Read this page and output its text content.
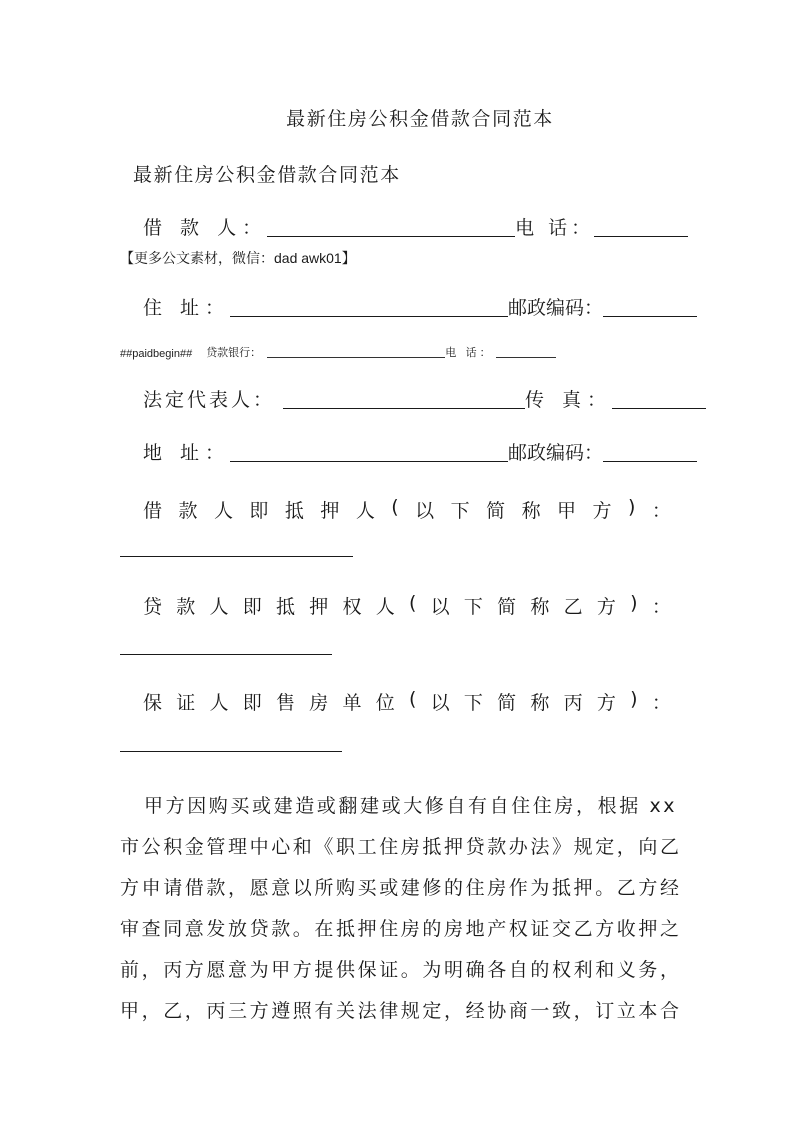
最新住房公积金借款合同范本
最新住房公积金借款合同范本
借 款 人：	电 话：
【更多公文素材，微信：dad awk01】
住 址：	邮政编码：
##paidbegin## 贷款银行：	电 话：
法定代表人：	传 真：
地 址：	邮政编码：
借 款 人 即 抵 押 人 ( 以 下 简 称 甲 方 ) ：
贷 款 人 即 抵 押 权 人 ( 以 下 简 称 乙 方 ) ：
保 证 人 即 售 房 单 位 ( 以 下 简 称 丙 方 ) ：
甲方因购买或建造或翻建或大修自有自住住房，根据 xx
市公积金管理中心和《职工住房抵押贷款办法》规定，向乙
方申请借款，愿意以所购买或建修的住房作为抵押。乙方经
审查同意发放贷款。在抵押住房的房地产权证交乙方收押之
前，丙方愿意为甲方提供保证。为明确各自的权利和义务，
甲，乙，丙三方遵照有关法律规定，经协商一致，订立本合
